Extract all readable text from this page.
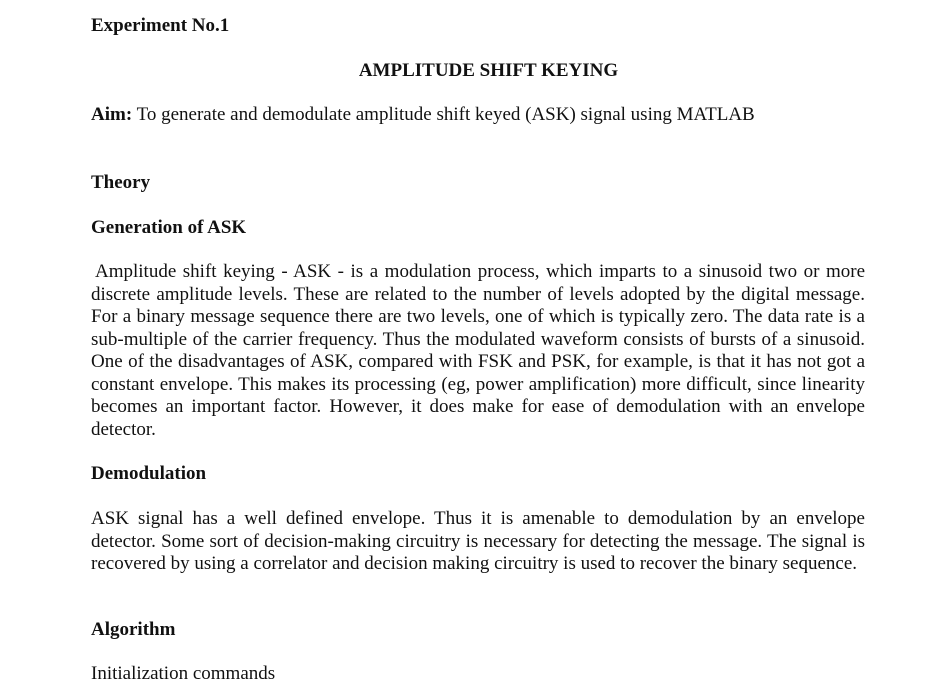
Experiment No.1
AMPLITUDE SHIFT KEYING
Aim: To generate and demodulate amplitude shift keyed (ASK) signal using MATLAB
Theory
Generation of ASK
Amplitude shift keying - ASK - is a modulation process, which imparts to a sinusoid two or more discrete amplitude levels. These are related to the number of levels adopted by the digital message. For a binary message sequence there are two levels, one of which is typically zero. The data rate is a sub-multiple of the carrier frequency. Thus the modulated waveform consists of bursts of a sinusoid. One of the disadvantages of ASK, compared with FSK and PSK, for example, is that it has not got a constant envelope. This makes its processing (eg, power amplification) more difficult, since linearity becomes an important factor. However, it does make for ease of demodulation with an envelope detector.
Demodulation
ASK signal has a well defined envelope. Thus it is amenable to demodulation by an envelope detector. Some sort of decision-making circuitry is necessary for detecting the message. The signal is recovered by using a correlator and decision making circuitry is used to recover the binary sequence.
Algorithm
Initialization commands
